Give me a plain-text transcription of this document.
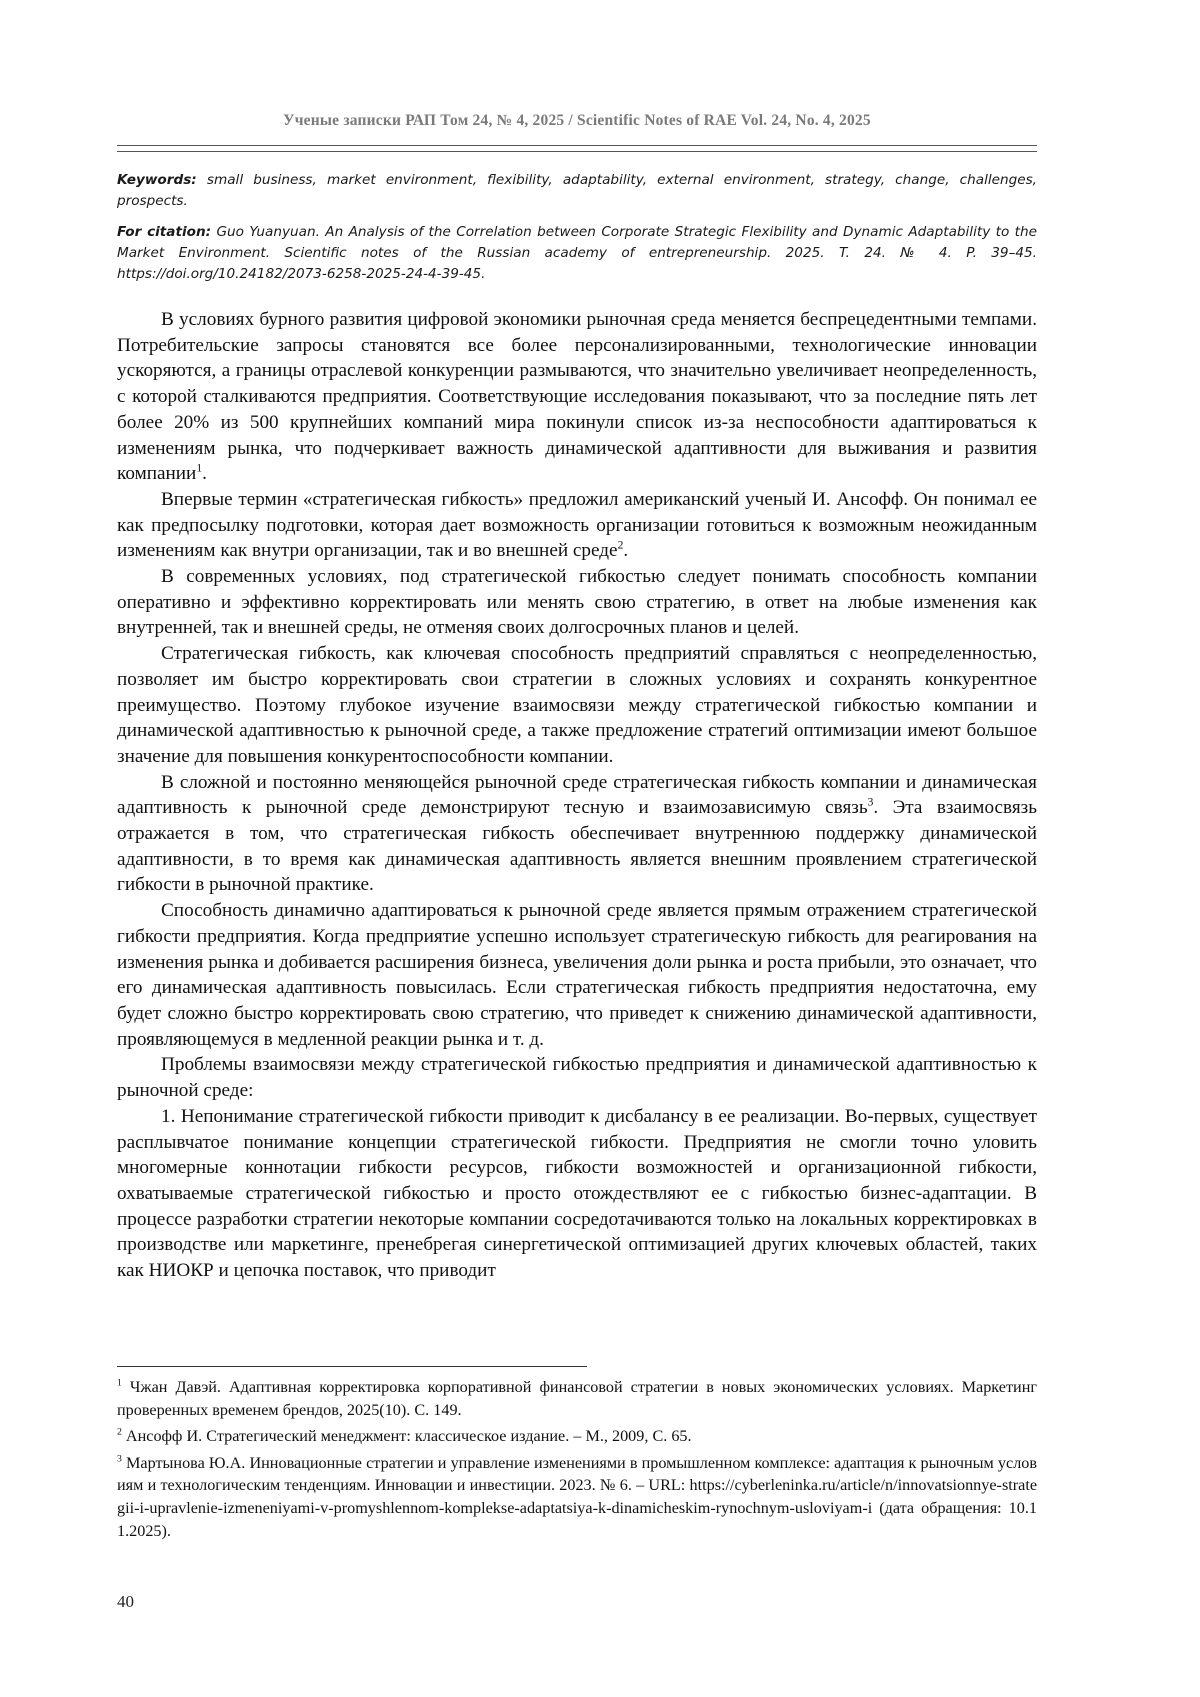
Ученые записки РАП Том 24, № 4, 2025 / Scientific Notes of RAE Vol. 24, No. 4, 2025
Keywords: small business, market environment, flexibility, adaptability, external environment, strategy, change, challenges, prospects.
For citation: Guo Yuanyuan. An Analysis of the Correlation between Corporate Strategic Flexibility and Dynamic Adaptability to the Market Environment. Scientific notes of the Russian academy of entrepreneurship. 2025. T. 24. № 4. P. 39–45. https://doi.org/10.24182/2073-6258-2025-24-4-39-45.

В условиях бурного развития цифровой экономики рыночная среда меняется беспрецедентными темпами. Потребительские запросы становятся все более персонализированными, технологические инновации ускоряются, а границы отраслевой конкуренции размываются, что значительно увеличивает неопределенность, с которой сталкиваются предприятия. Соответствующие исследования показывают, что за последние пять лет более 20% из 500 крупнейших компаний мира покинули список из-за неспособности адаптироваться к изменениям рынка, что подчеркивает важность динамической адаптивности для выживания и развития компании$^1$.

Впервые термин «стратегическая гибкость» предложил американский ученый И. Ансофф. Он понимал ее как предпосылку подготовки, которая дает возможность организации готовиться к возможным неожиданным изменениям как внутри организации, так и во внешней среде$^2$.

В современных условиях, под стратегической гибкостью следует понимать способность компании оперативно и эффективно корректировать или менять свою стратегию, в ответ на любые изменения как внутренней, так и внешней среды, не отменяя своих долгосрочных планов и целей.

Стратегическая гибкость, как ключевая способность предприятий справляться с неопределенностью, позволяет им быстро корректировать свои стратегии в сложных условиях и сохранять конкурентное преимущество. Поэтому глубокое изучение взаимосвязи между стратегической гибкостью компании и динамической адаптивностью к рыночной среде, а также предложение стратегий оптимизации имеют большое значение для повышения конкурентоспособности компании.

В сложной и постоянно меняющейся рыночной среде стратегическая гибкость компании и динамическая адаптивность к рыночной среде демонстрируют тесную и взаимозависимую связь$^3$. Эта взаимосвязь отражается в том, что стратегическая гибкость обеспечивает внутреннюю поддержку динамической адаптивности, в то время как динамическая адаптивность является внешним проявлением стратегической гибкости в рыночной практике.

Способность динамично адаптироваться к рыночной среде является прямым отражением стратегической гибкости предприятия. Когда предприятие успешно использует стратегическую гибкость для реагирования на изменения рынка и добивается расширения бизнеса, увеличения доли рынка и роста прибыли, это означает, что его динамическая адаптивность повысилась. Если стратегическая гибкость предприятия недостаточна, ему будет сложно быстро корректировать свою стратегию, что приведет к снижению динамической адаптивности, проявляющемуся в медленной реакции рынка и т. д.

Проблемы взаимосвязи между стратегической гибкостью предприятия и динамической адаптивностью к рыночной среде:

1. Непонимание стратегической гибкости приводит к дисбалансу в ее реализации. Во-первых, существует расплывчатое понимание концепции стратегической гибкости. Предприятия не смогли точно уловить многомерные коннотации гибкости ресурсов, гибкости возможностей и организационной гибкости, охватываемые стратегической гибкостью и просто отождествляют ее с гибкостью бизнес-адаптации. В процессе разработки стратегии некоторые компании сосредотачиваются только на локальных корректировках в производстве или маркетинге, пренебрегая синергетической оптимизацией других ключевых областей, таких как НИОКР и цепочка поставок, что приводит

$^1$ Чжан Давэй. Адаптивная корректировка корпоративной финансовой стратегии в новых экономических условиях. Маркетинг проверенных временем брендов, 2025(10). С. 149.

$^2$ Ансофф И. Стратегический менеджмент: классическое издание. – М., 2009, С. 65.

$^3$ Мартынова Ю.А. Инновационные стратегии и управление изменениями в промышленном комплексе: адаптация к рыночным условиям и технологическим тенденциям. Инновации и инвестиции. 2023. № 6. – URL: https://cyberleninka.ru/article/n/innovatsionnye-strategii-i-upravlenie-izmeneniyami-v-promyshlennom-komplekse-adaptatsiya-k-dinamicheskim-rynochnym-usloviyam-i (дата обращения: 10.11.2025).

40
